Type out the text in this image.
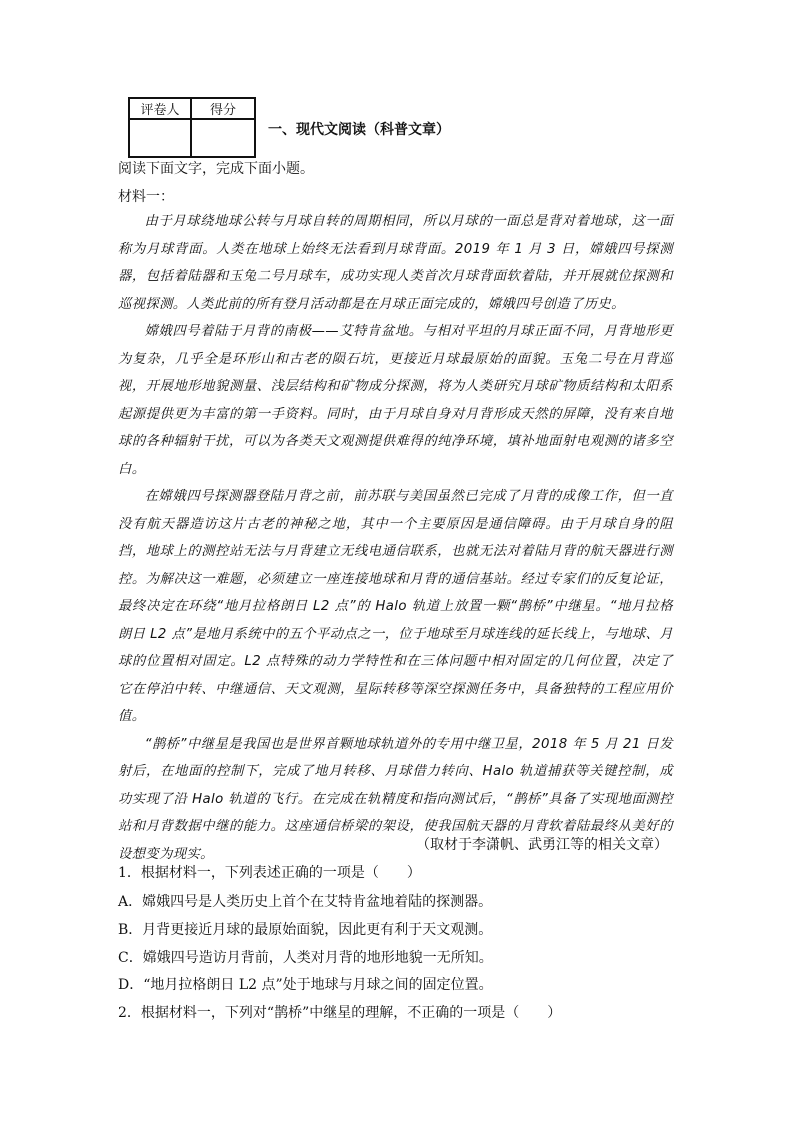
评卷人	得分

一、现代文阅读（科普文章）
阅读下面文字，完成下面小题。
材料一：

由于月球绕地球公转与月球自转的周期相同，所以月球的一面总是背对着地球，这一面称为月球背面。人类在地球上始终无法看到月球背面。2019 年 1 月 3 日，嫦娥四号探测器，包括着陆器和玉兔二号月球车，成功实现人类首次月球背面软着陆，并开展就位探测和巡视探测。人类此前的所有登月活动都是在月球正面完成的，嫦娥四号创造了历史。

嫦娥四号着陆于月背的南极——艾特肯盆地。与相对平坦的月球正面不同，月背地形更为复杂，几乎全是环形山和古老的陨石坑，更接近月球最原始的面貌。玉兔二号在月背巡视，开展地形地貌测量、浅层结构和矿物成分探测，将为人类研究月球矿物质结构和太阳系起源提供更为丰富的第一手资料。同时，由于月球自身对月背形成天然的屏障，没有来自地球的各种辐射干扰，可以为各类天文观测提供难得的纯净环境，填补地面射电观测的诸多空白。

在嫦娥四号探测器登陆月背之前，前苏联与美国虽然已完成了月背的成像工作，但一直没有航天器造访这片古老的神秘之地，其中一个主要原因是通信障碍。由于月球自身的阻挡，地球上的测控站无法与月背建立无线电通信联系，也就无法对着陆月背的航天器进行测控。为解决这一难题，必须建立一座连接地球和月背的通信基站。经过专家们的反复论证，最终决定在环绕“地月拉格朗日 L2 点”的 Halo 轨道上放置一颗“鹊桥”中继星。“地月拉格朗日 L2 点”是地月系统中的五个平动点之一，位于地球至月球连线的延长线上，与地球、月球的位置相对固定。L2 点特殊的动力学特性和在三体问题中相对固定的几何位置，决定了它在停泊中转、中继通信、天文观测，星际转移等深空探测任务中，具备独特的工程应用价值。

“鹊桥”中继星是我国也是世界首颗地球轨道外的专用中继卫星，2018 年 5 月 21 日发射后，在地面的控制下，完成了地月转移、月球借力转向、Halo 轨道捕获等关键控制，成功实现了沿 Halo 轨道的飞行。在完成在轨精度和指向测试后，“鹊桥”具备了实现地面测控站和月背数据中继的能力。这座通信桥梁的架设，使我国航天器的月背软着陆最终从美好的设想变为现实。

（取材于李潇帆、武勇江等的相关文章）
1．根据材料一，下列表述正确的一项是（　　）
A．嫦娥四号是人类历史上首个在艾特肯盆地着陆的探测器。
B．月背更接近月球的最原始面貌，因此更有利于天文观测。
C．嫦娥四号造访月背前，人类对月背的地形地貌一无所知。
D．“地月拉格朗日 L2 点”处于地球与月球之间的固定位置。
2．根据材料一，下列对“鹊桥”中继星的理解，不正确的一项是（　　）
